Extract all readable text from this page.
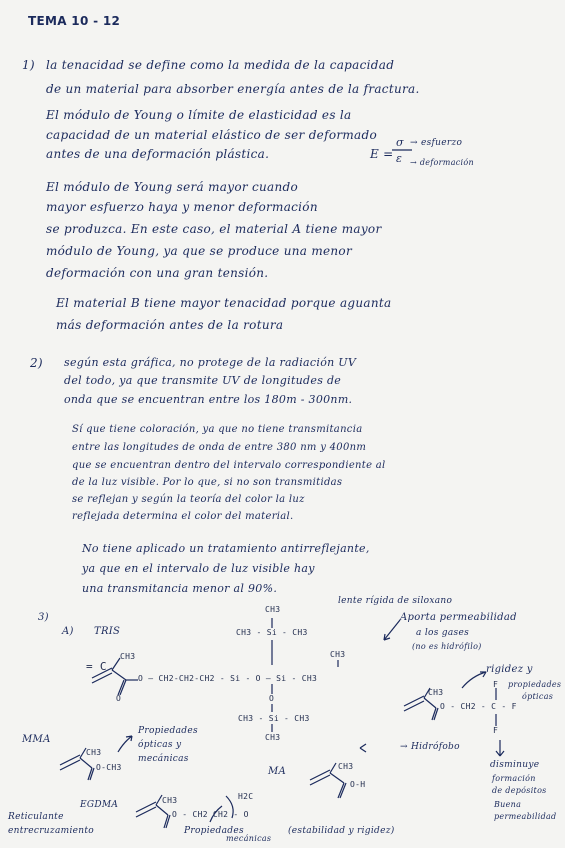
TEMA 10 - 12
1) la tenacidad se define como la medida de la capacidad
de un material para absorber energía antes de la fractura.
El módulo de Young o límite de elasticidad es la
capacidad de un material elástico de ser deformado
antes de una deformación plástica.	E =
σ
ε
→ esfuerzo
→ deformación
El módulo de Young será mayor cuando
mayor esfuerzo haya y menor deformación
se produzca. En este caso, el material A tiene mayor
módulo de Young, ya que se produce una menor
deformación con una gran tensión.
El material B tiene mayor tenacidad porque aguanta
más deformación antes de la rotura
2) según esta gráfica, no protege de la radiación UV
del todo, ya que transmite UV de longitudes de
onda que se encuentran entre los 180m - 300nm.
Sí que tiene coloración, ya que no tiene transmitancia
entre las longitudes de onda de entre 380 nm y 400nm
que se encuentran dentro del intervalo correspondiente al
de la luz visible. Por lo que, si no son transmitidas
se reflejan y según la teoría del color la luz
reflejada determina el color del material.
No tiene aplicado un tratamiento antirreflejante,
ya que en el intervalo de luz visible hay
una transmitancia menor al 90%.
3)
A) TRIS
lente rígida de siloxano
Aporta permeabilidad
a los gases
(no es hidrófilo)
CH3
CH3 - Si - CH3
CH3
CH3
= C
O — CH2-CH2-CH2 - Si - O — Si - CH3
O	O
CH3 - Si - CH3
CH3
CH3
O - CH2 - C - F
F
F
rigidez y
propiedades
ópticas
→ Hidrófobo
disminuye
formación
de depósitos
Buena
permeabilidad
MMA
CH3
O-CH3
Propiedades
ópticas y
mecánicas
MA	CH3
O-H
EGDMA	CH3
O - CH2 CH2 - O
H2C
Reticulante
entrecruzamiento	Propiedades
mecánicas
(estabilidad y rigidez)
